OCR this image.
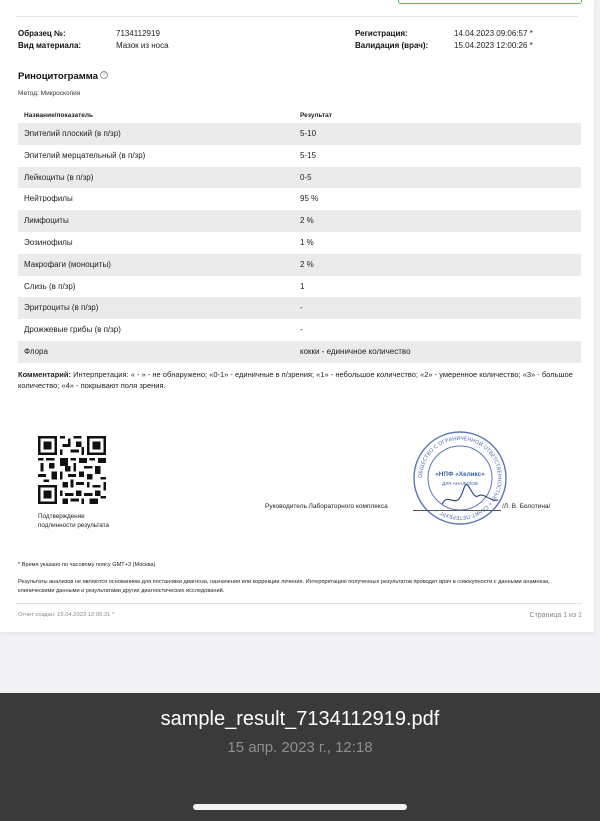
Образец №:	7134112919
Вид материала:	Мазок из носа
Регистрация:	14.04.2023 09:06:57 *
Валидация (врач):	15.04.2023 12:00:26 *
Риноцитограмма ?
Метод: Микроскопия
Название/показатель	Результат
Эпителий плоский (в п/зр)	5-10
Эпителий мерцательный (в п/зр)	5-15
Лейкоциты (в п/зр)	0-5
Нейтрофилы	95 %
Лимфоциты	2 %
Эозинофилы	1 %
Макрофаги (моноциты)	2 %
Слизь (в п/зр)	1
Эритроциты (в п/зр)	-
Дрожжевые грибы (в п/зр)	-
Флора	кокки - единичное количество
Комментарий: Интерпретация: « - » - не обнаружено; «0-1» - единичные в п/зрения; «1» - небольшое количество; «2» - умеренное количество; «3» - большое количество; «4» - покрывают поля зрения.
Подтверждение
подлинности результата
Руководитель Лабораторного комплекса	/Л. В. Болотина/
ОБЩЕСТВО С ОГРАНИЧЕННОЙ ОТВЕТСТВЕННОСТЬЮ • САНКТ-ПЕТЕРБУРГ •
«НПФ «Хеликс»
ДЛЯ АНАЛИЗОВ
* Время указано по часовому поясу GMT+3 (Москва)
Результаты анализов не являются основанием для постановки диагноза, назначения или коррекции лечения. Интерпретацию полученных результатов проводит врач в совокупности с данными анамнеза, клиническими данными и результатами других диагностических исследований.
Отчет создан: 15.04.2023 12:05:31 *	Страница 1 из 1
sample_result_7134112919.pdf
15 апр. 2023 г., 12:18
